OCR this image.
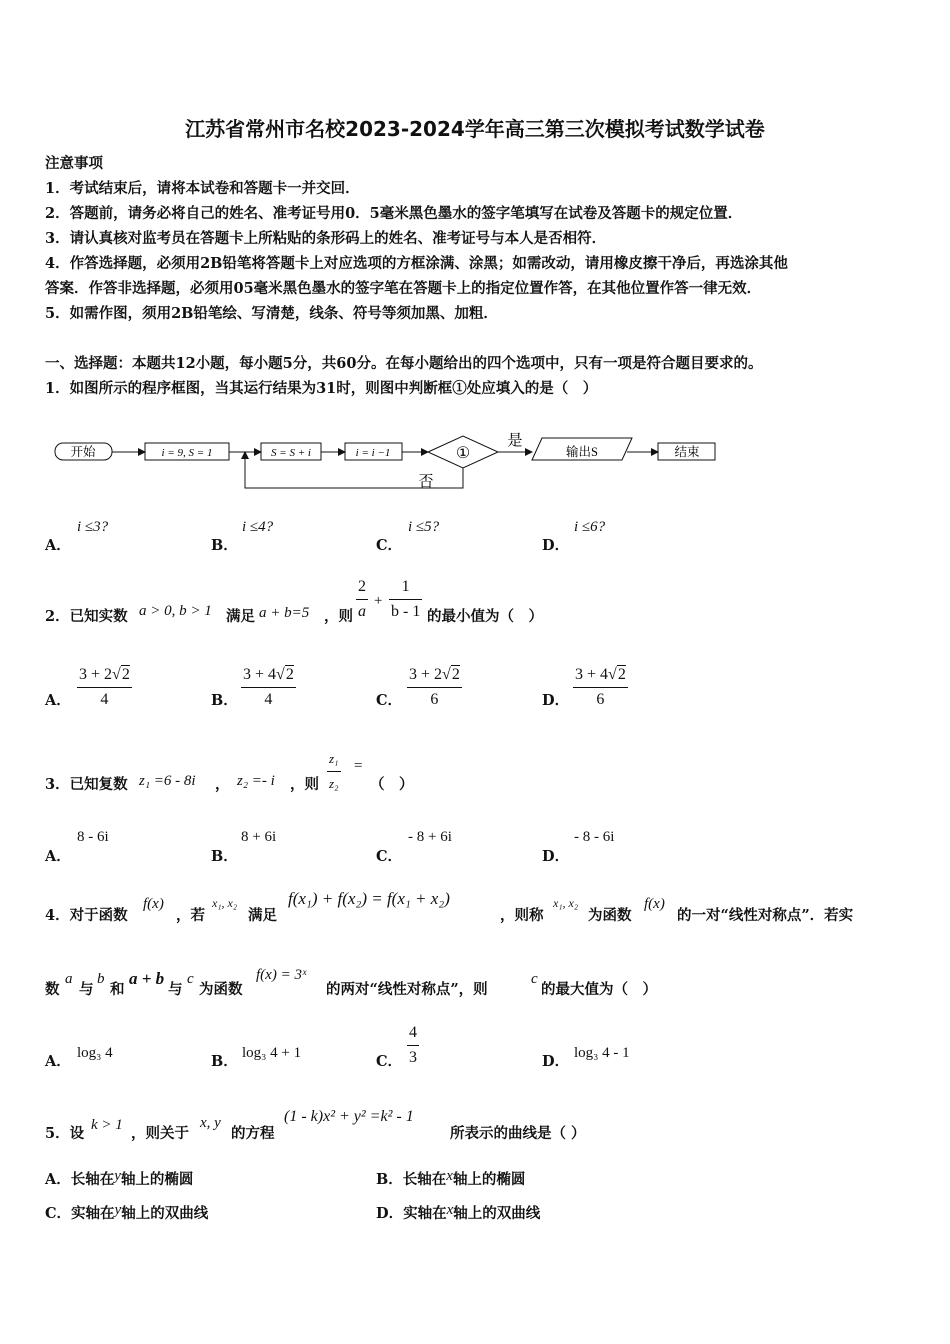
江苏省常州市名校2023-2024学年高三第三次模拟考试数学试卷
注意事项
1．考试结束后，请将本试卷和答题卡一并交回．
2．答题前，请务必将自己的姓名、准考证号用0．5毫米黑色墨水的签字笔填写在试卷及答题卡的规定位置．
3．请认真核对监考员在答题卡上所粘贴的条形码上的姓名、准考证号与本人是否相符．
4．作答选择题，必须用2B铅笔将答题卡上对应选项的方框涂满、涂黑；如需改动，请用橡皮擦干净后，再选涂其他
答案．作答非选择题，必须用05毫米黑色墨水的签字笔在答题卡上的指定位置作答，在其他位置作答一律无效．
5．如需作图，须用2B铅笔绘、写清楚，线条、符号等须加黑、加粗．
一、选择题：本题共12小题，每小题5分，共60分。在每小题给出的四个选项中，只有一项是符合题目要求的。
1．如图所示的程序框图，当其运行结果为31时，则图中判断框①处应填入的是（　）
开始	i = 9, S = 1	S = S + i	i = i −1	①
是
输出S	结束
否
A．
i ≤3?
B．
i ≤4?
C．
i ≤5?
D．
i ≤6?
2．已知实数 a > 0, b > 1 满足 a + b=5 ，则
2
a
+
1
b - 1 的最小值为（　）
A．
3 + 2√2
4	B．
3 + 4√2
4	C．
3 + 2√2
6	D．
3 + 4√2
6
3．已知复数 z₁ =6 - 8i ， z₂ =- i ，则
z₁
z₂
=
（　）
A．
8 - 6i
B．
8 + 6i
C．
- 8 + 6i
D．
- 8 - 6i
4．对于函数
f(x)
，若
x₁, x₂
满足
f(x₁) + f(x₂) = f(x₁ + x₂)
，则称
x₁, x₂
为函数
f(x)
的一对“线性对称点”．若实
数
a
与
b
和
a + b
与
c
为函数
f(x) = 3ˣ
的两对“线性对称点”，则
c
的最大值为（　）
A． log₃ 4	B． log₃ 4 + 1	C．
4
3	D． log₃ 4 - 1
5．设 k > 1 ，则关于
x, y
的方程
(1 - k)x² + y² =k² - 1
所表示的曲线是（ ）
A．长轴在y轴上的椭圆	B．长轴在x轴上的椭圆
C．实轴在y轴上的双曲线	D．实轴在x轴上的双曲线
